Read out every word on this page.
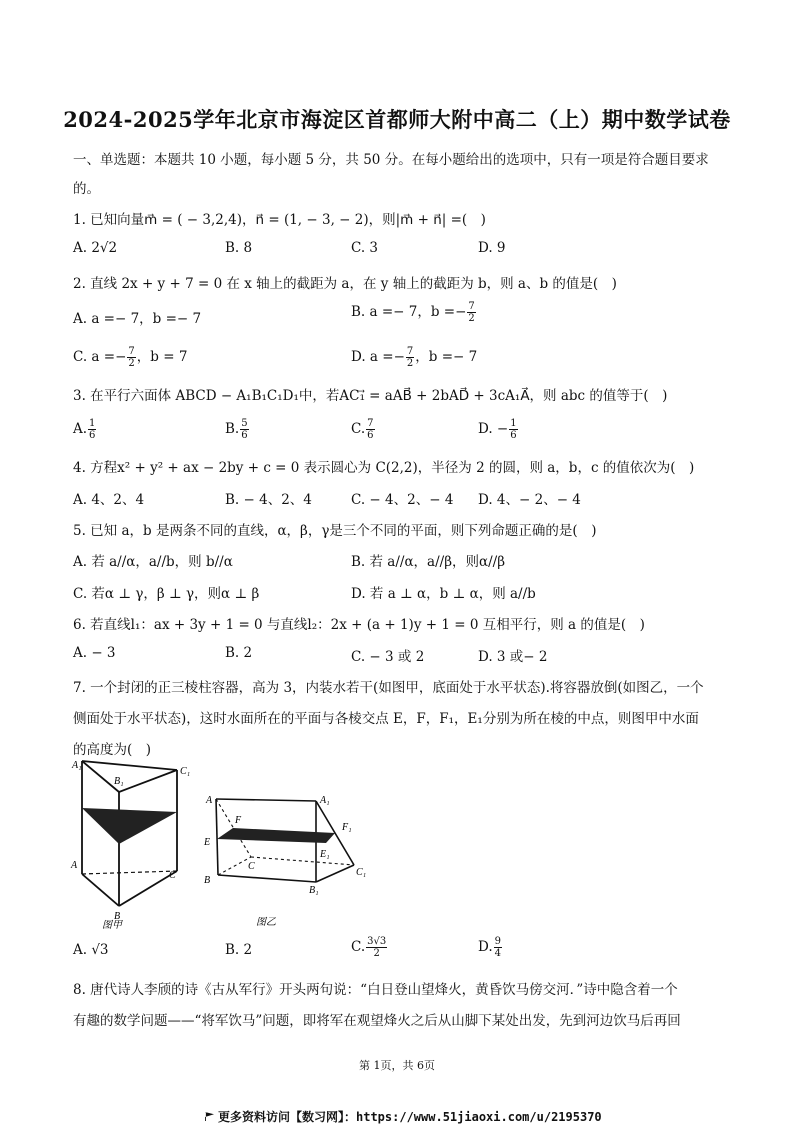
2024-2025学年北京市海淀区首都师大附中高二（上）期中数学试卷
一、单选题：本题共 10 小题，每小题 5 分，共 50 分。在每小题给出的选项中，只有一项是符合题目要求
的。
1. 已知向量m⃗ = ( − 3,2,4)，n⃗ = (1, − 3, − 2)，则|m⃗ + n⃗| =(　)
A. 2√2	B. 8	C. 3	D. 9
2. 直线 2x + y + 7 = 0 在 x 轴上的截距为 a，在 y 轴上的截距为 b，则 a、b 的值是(　)
A. a =− 7，b =− 7	B. a =− 7，$b =- \frac{7}{2}$
C. $a =- \frac{7}{2}$ ，b = 7	D. $a =- \frac{7}{2}$ ，b =− 7
3. 在平行六面体 ABCD − A₁B₁C₁D₁中，若AC₁⃗ = aAB⃗ + 2bAD⃗ + 3cA₁A⃗，则 abc 的值等于(　)
A. $\frac{1}{6}$	B. $\frac{5}{6}$	C. $\frac{7}{6}$	D. − $\frac{1}{6}$
4. 方程x² + y² + ax − 2by + c = 0 表示圆心为 C(2,2)，半径为 2 的圆，则 a，b，c 的值依次为(　)
A. 4、2、4	B. − 4、2、4	C. − 4、2、− 4 D. 4、− 2、− 4
5. 已知 a，b 是两条不同的直线，α，β，γ是三个不同的平面，则下列命题正确的是(　)
A. 若 a//α，a//b，则 b//α	B. 若 a//α，a//β，则α//β
C. 若α ⊥ γ，β ⊥ γ，则α ⊥ β	D. 若 a ⊥ α，b ⊥ α，则 a//b
6. 若直线l₁：ax + 3y + 1 = 0 与直线l₂：2x + (a + 1)y + 1 = 0 互相平行，则 a 的值是(　)
A. − 3	B. 2	C. − 3 或 2	D. 3 或− 2
7. 一个封闭的正三棱柱容器，高为 3，内装水若干(如图甲，底面处于水平状态).将容器放倒(如图乙，一个
侧面处于水平状态)，这时水面所在的平面与各棱交点 E，F，F₁，E₁分别为所在棱的中点，则图甲中水面
的高度为(　)
A₁
B₁
C₁
A
C
B
图甲
A	A₁
F
F₁
E
E₁
C
C₁
B
B₁
图乙
A. √3	B. 2	C. $\frac{3√3}{2}$	D. $\frac{9}{4}$
8. 唐代诗人李颀的诗《古从军行》开头两句说：“白日登山望烽火，黄昏饮马傍交河．”诗中隐含着一个
有趣的数学问题——“将军饮马”问题，即将军在观望烽火之后从山脚下某处出发，先到河边饮马后再回
第 1页，共 6页
更多资料访问【数习网】：https://www.51jiaoxi.com/u/2195370
